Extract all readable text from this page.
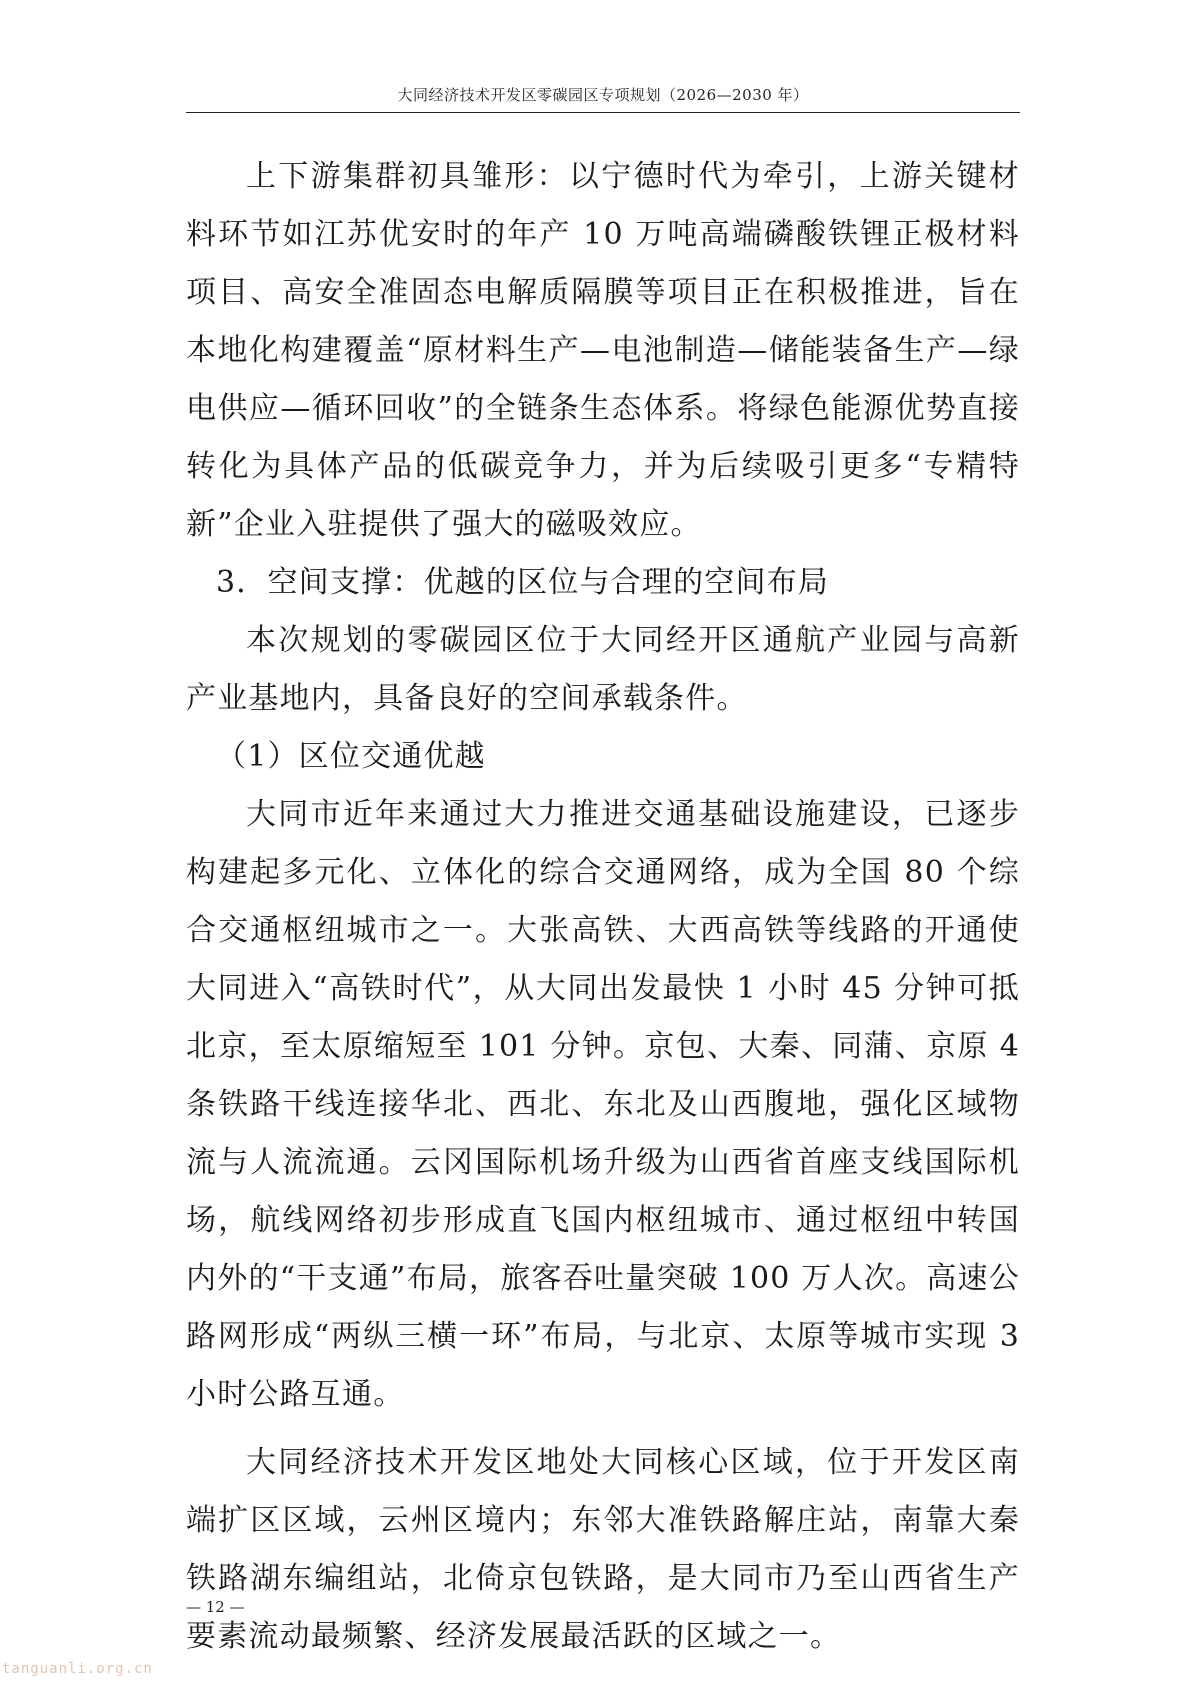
大同经济技术开发区零碳园区专项规划（2026—2030 年）

上下游集群初具雏形：以宁德时代为牵引，上游关键材料环节如江苏优安时的年产 10 万吨高端磷酸铁锂正极材料项目、高安全准固态电解质隔膜等项目正在积极推进，旨在本地化构建覆盖“原材料生产—电池制造—储能装备生产—绿电供应—循环回收”的全链条生态体系。将绿色能源优势直接转化为具体产品的低碳竞争力，并为后续吸引更多“专精特新”企业入驻提供了强大的磁吸效应。

3．空间支撑：优越的区位与合理的空间布局

本次规划的零碳园区位于大同经开区通航产业园与高新产业基地内，具备良好的空间承载条件。

（1）区位交通优越

大同市近年来通过大力推进交通基础设施建设，已逐步构建起多元化、立体化的综合交通网络，成为全国 80 个综合交通枢纽城市之一。大张高铁、大西高铁等线路的开通使大同进入“高铁时代”，从大同出发最快 1 小时 45 分钟可抵北京，至太原缩短至 101 分钟。京包、大秦、同蒲、京原 4 条铁路干线连接华北、西北、东北及山西腹地，强化区域物流与人流流通。云冈国际机场升级为山西省首座支线国际机场，航线网络初步形成直飞国内枢纽城市、通过枢纽中转国内外的“干支通”布局，旅客吞吐量突破 100 万人次。高速公路网形成“两纵三横一环”布局，与北京、太原等城市实现 3 小时公路互通。

大同经济技术开发区地处大同核心区域，位于开发区南端扩区区域，云州区境内；东邻大准铁路解庄站，南靠大秦铁路湖东编组站，北倚京包铁路，是大同市乃至山西省生产要素流动最频繁、经济发展最活跃的区域之一。

— 12 —
tanguanli.org.cn
